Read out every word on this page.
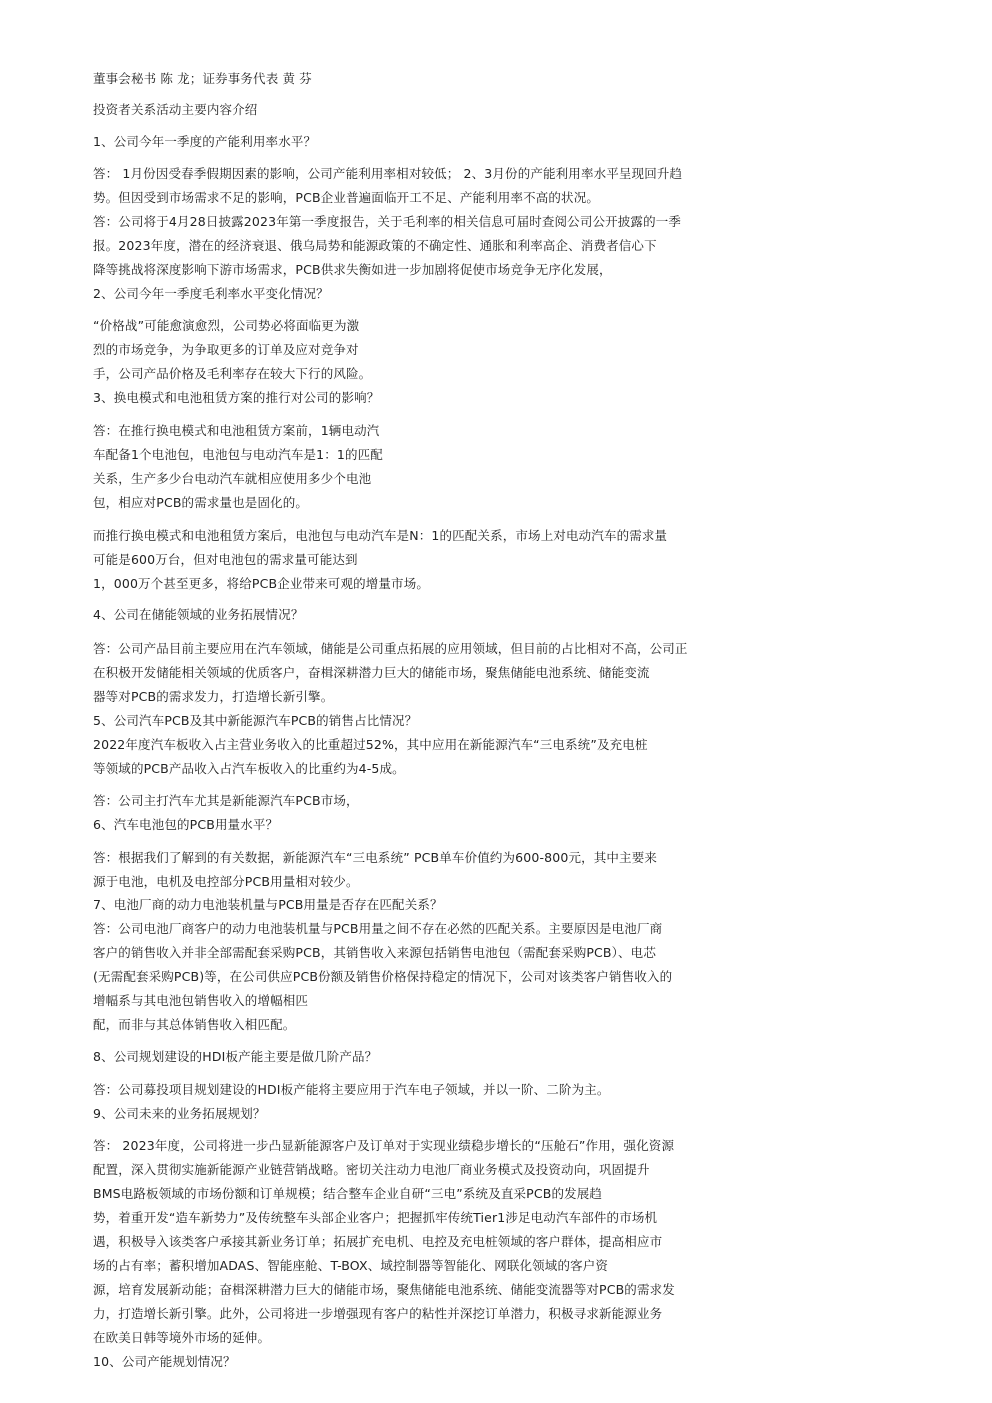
董事会秘书 陈 龙；证券事务代表 黄 芬
投资者关系活动主要内容介绍
1、公司今年一季度的产能利用率水平？
答： 1月份因受春季假期因素的影响，公司产能利用率相对较低； 2、3月份的产能利用率水平呈现回升趋
势。但因受到市场需求不足的影响，PCB企业普遍面临开工不足、产能利用率不高的状况。
答：公司将于4月28日披露2023年第一季度报告，关于毛利率的相关信息可届时查阅公司公开披露的一季
报。2023年度，潜在的经济衰退、俄乌局势和能源政策的不确定性、通胀和利率高企、消费者信心下
降等挑战将深度影响下游市场需求，PCB供求失衡如进一步加剧将促使市场竞争无序化发展，
2、公司今年一季度毛利率水平变化情况？
“价格战”可能愈演愈烈，公司势必将面临更为激
烈的市场竞争，为争取更多的订单及应对竞争对
手，公司产品价格及毛利率存在较大下行的风险。
3、换电模式和电池租赁方案的推行对公司的影响？
答：在推行换电模式和电池租赁方案前，1辆电动汽
车配备1个电池包，电池包与电动汽车是1：1的匹配
关系，生产多少台电动汽车就相应使用多少个电池
包，相应对PCB的需求量也是固化的。
而推行换电模式和电池租赁方案后，电池包与电动汽车是N：1的匹配关系，市场上对电动汽车的需求量
可能是600万台，但对电池包的需求量可能达到
1，000万个甚至更多，将给PCB企业带来可观的增量市场。
4、公司在储能领域的业务拓展情况？
答：公司产品目前主要应用在汽车领域，储能是公司重点拓展的应用领域，但目前的占比相对不高，公司正
在积极开发储能相关领域的优质客户，奋楫深耕潜力巨大的储能市场，聚焦储能电池系统、储能变流
器等对PCB的需求发力，打造增长新引擎。
5、公司汽车PCB及其中新能源汽车PCB的销售占比情况？
2022年度汽车板收入占主营业务收入的比重超过52%，其中应用在新能源汽车“三电系统”及充电桩
等领域的PCB产品收入占汽车板收入的比重约为4-5成。
答：公司主打汽车尤其是新能源汽车PCB市场，
6、汽车电池包的PCB用量水平？
答：根据我们了解到的有关数据，新能源汽车“三电系统” PCB单车价值约为600-800元，其中主要来
源于电池，电机及电控部分PCB用量相对较少。
7、电池厂商的动力电池装机量与PCB用量是否存在匹配关系？
答：公司电池厂商客户的动力电池装机量与PCB用量之间不存在必然的匹配关系。主要原因是电池厂商
客户的销售收入并非全部需配套采购PCB，其销售收入来源包括销售电池包（需配套采购PCB）、电芯
(无需配套采购PCB)等，在公司供应PCB份额及销售价格保持稳定的情况下，公司对该类客户销售收入的
增幅系与其电池包销售收入的增幅相匹
配，而非与其总体销售收入相匹配。
8、公司规划建设的HDI板产能主要是做几阶产品？
答：公司募投项目规划建设的HDI板产能将主要应用于汽车电子领域，并以一阶、二阶为主。
9、公司未来的业务拓展规划？
答： 2023年度，公司将进一步凸显新能源客户及订单对于实现业绩稳步增长的“压舱石”作用，强化资源
配置，深入贯彻实施新能源产业链营销战略。密切关注动力电池厂商业务模式及投资动向，巩固提升
BMS电路板领域的市场份额和订单规模；结合整车企业自研“三电”系统及直采PCB的发展趋
势，着重开发“造车新势力”及传统整车头部企业客户；把握抓牢传统Tier1涉足电动汽车部件的市场机
遇，积极导入该类客户承接其新业务订单；拓展扩充电机、电控及充电桩领域的客户群体，提高相应市
场的占有率；蓄积增加ADAS、智能座舱、T-BOX、域控制器等智能化、网联化领域的客户资
源，培育发展新动能；奋楫深耕潜力巨大的储能市场，聚焦储能电池系统、储能变流器等对PCB的需求发
力，打造增长新引擎。此外，公司将进一步增强现有客户的粘性并深挖订单潜力，积极寻求新能源业务
在欧美日韩等境外市场的延伸。
10、公司产能规划情况？
